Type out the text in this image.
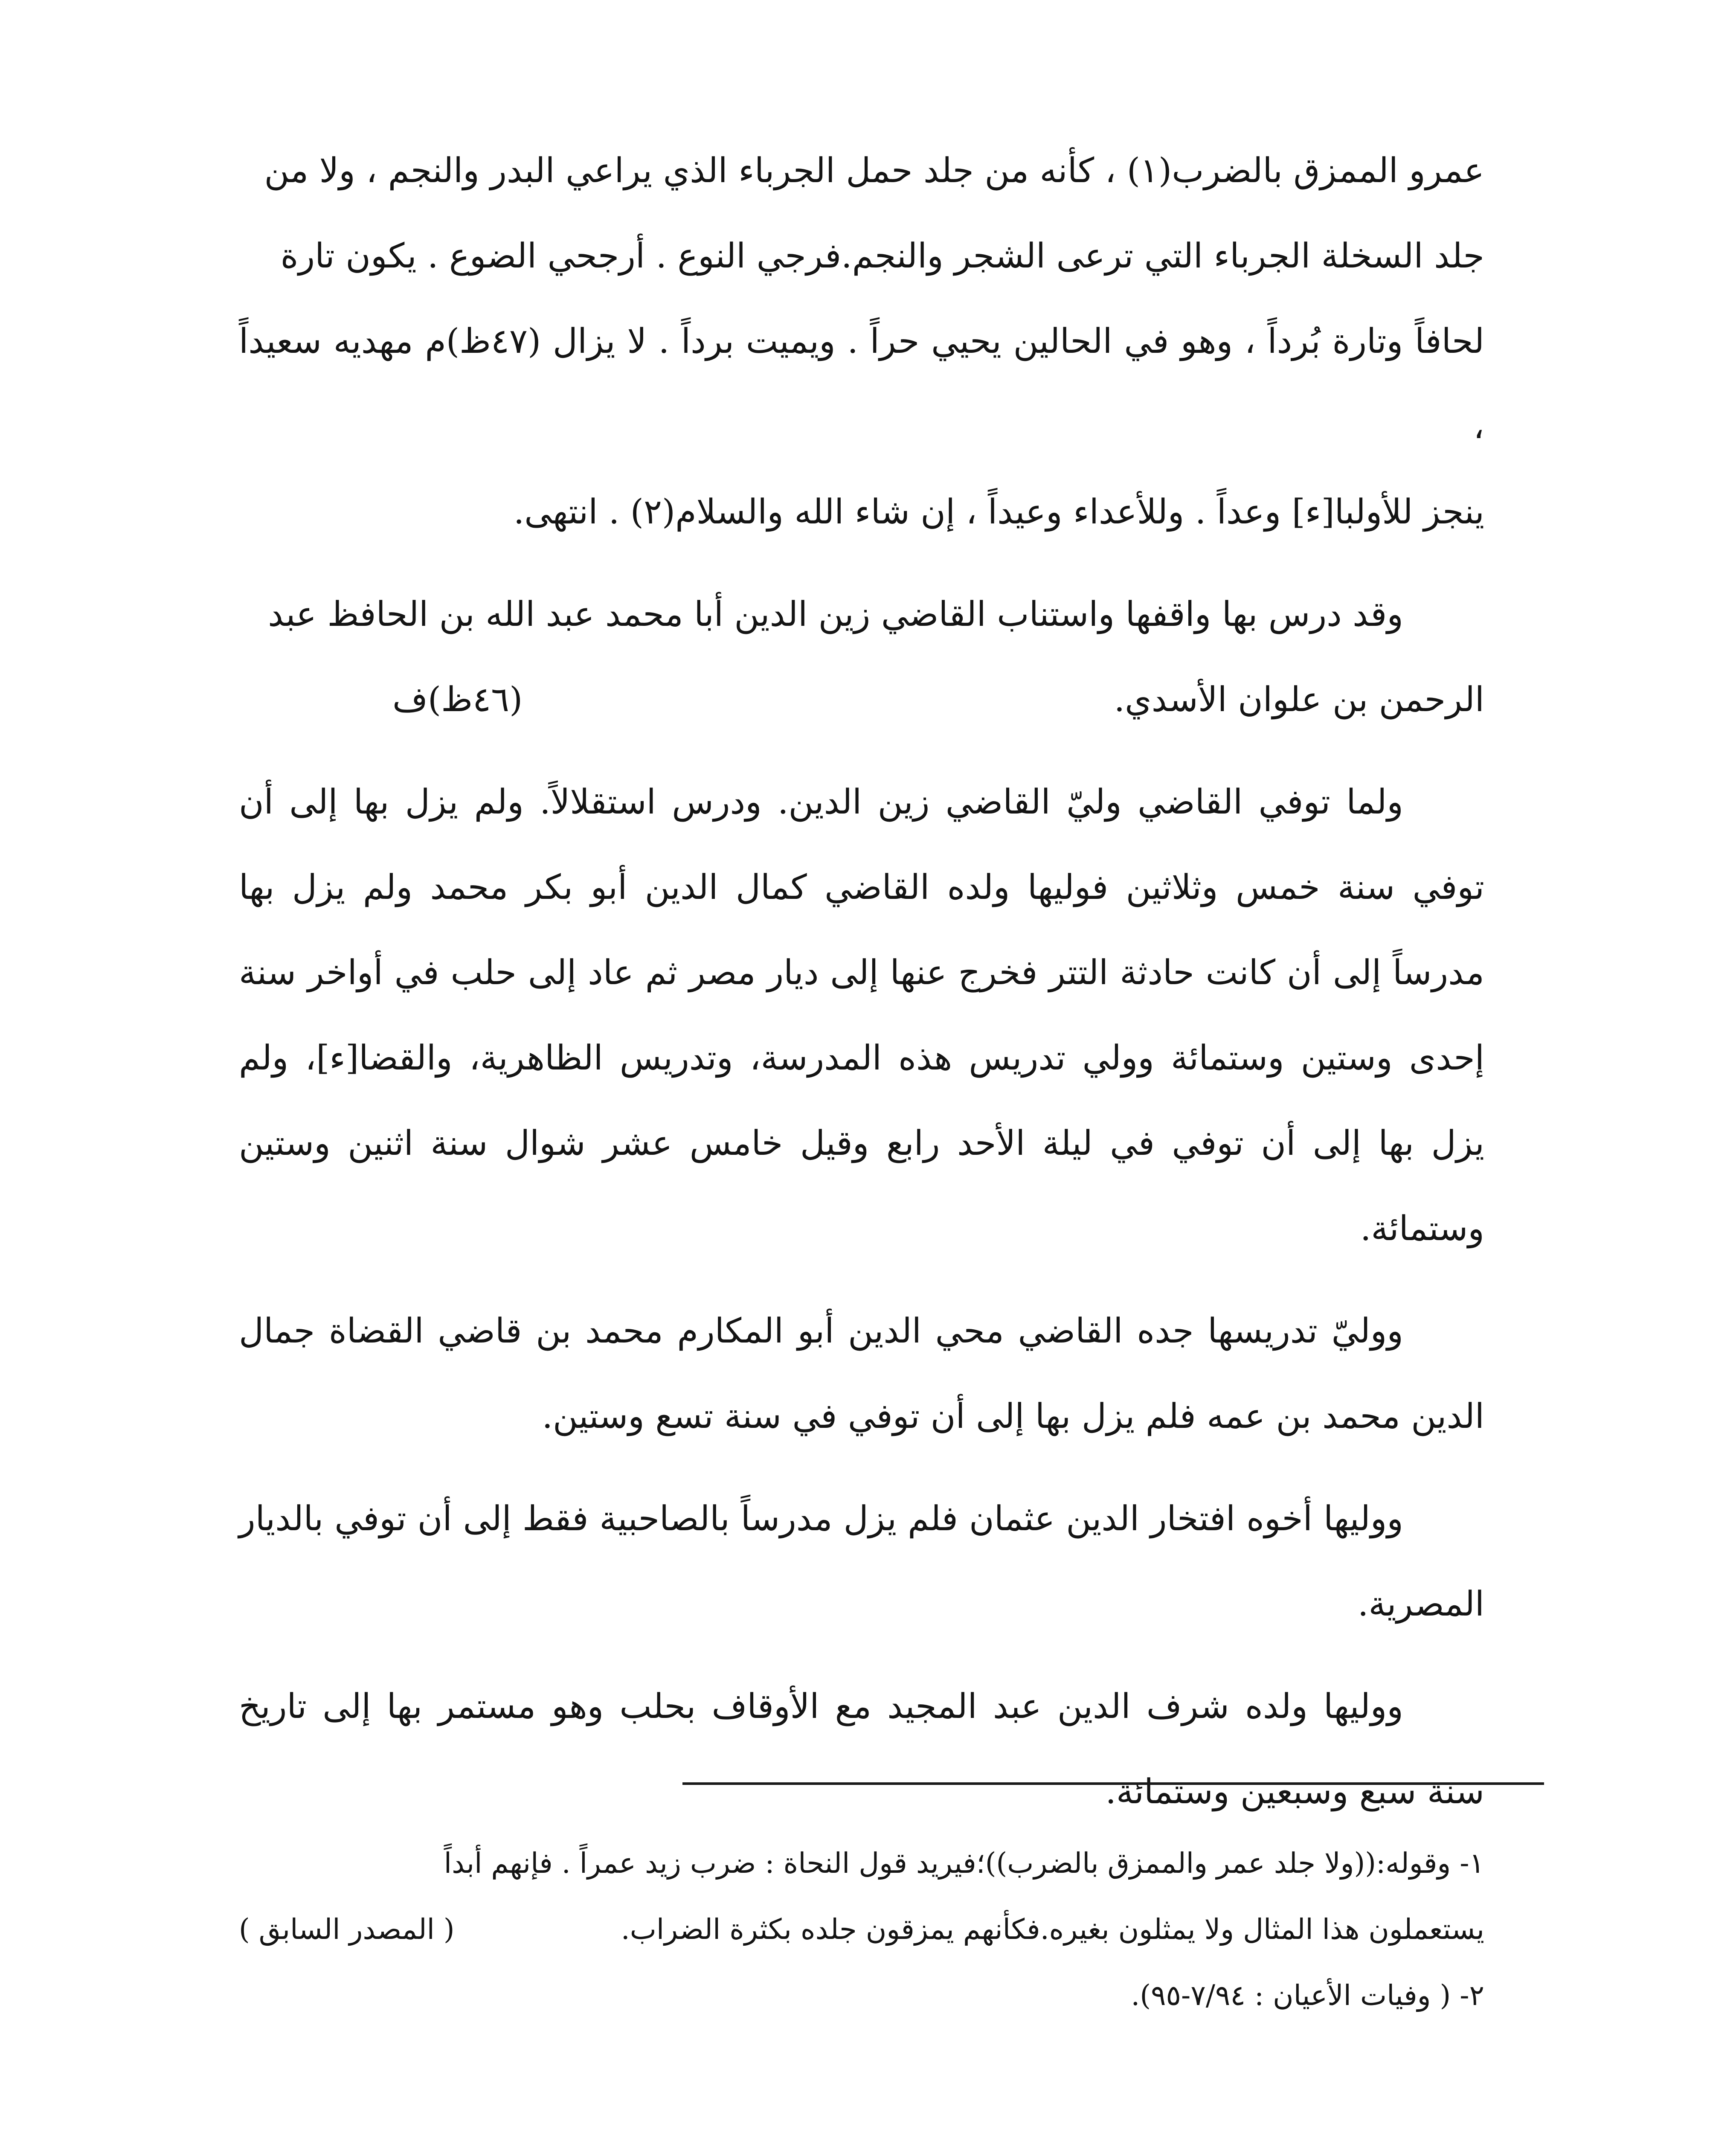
عمرو الممزق بالضرب(١) ، كأنه من جلد حمل الجرباء الذي يراعي البدر والنجم ، ولا من
جلد السخلة الجرباء التي ترعى الشجر والنجم.فرجي النوع . أرجحي الضوع . يكون تارة
لحافاً وتارة بُرداً ، وهو في الحالين يحيي حراً . ويميت برداً . لا يزال (٤٧ظ)م مهديه سعيداً ،
ينجز للأولبا[ء] وعداً . وللأعداء وعيداً ، إن شاء الله والسلام(٢) . انتهى.

وقد درس بها واقفها واستناب القاضي زين الدين أبا محمد عبد الله بن الحافظ عبد

الرحمن بن علوان الأسدي.
(٤٦ظ)ف

ولما توفي القاضي وليّ القاضي زين الدين. ودرس استقلالاً. ولم يزل بها إلى أن توفي سنة خمس وثلاثين فوليها ولده القاضي كمال الدين أبو بكر محمد ولم يزل بها مدرساً إلى أن كانت حادثة التتر فخرج عنها إلى ديار مصر ثم عاد إلى حلب في أواخر سنة إحدى وستين وستمائة وولي تدريس هذه المدرسة، وتدريس الظاهرية، والقضا[ء]، ولم يزل بها إلى أن توفي في ليلة الأحد رابع وقيل خامس عشر شوال سنة اثنين وستين وستمائة.

ووليّ تدريسها جده القاضي محي الدين أبو المكارم محمد بن قاضي القضاة جمال الدين محمد بن عمه فلم يزل بها إلى أن توفي في سنة تسع وستين.

ووليها أخوه افتخار الدين عثمان فلم يزل مدرساً بالصاحبية فقط إلى أن توفي بالديار المصرية.

ووليها ولده شرف الدين عبد المجيد مع الأوقاف بحلب وهو مستمر بها إلى تاريخ سنة سبع وسبعين وستمائة.

١- وقوله:((ولا جلد عمر والممزق بالضرب))؛فيريد قول النحاة : ضرب زيد عمراً . فإنهم أبداً

يستعملون هذا المثال ولا يمثلون بغيره.فكأنهم يمزقون جلده بكثرة الضراب.
( المصدر السابق )

٢- ( وفيات الأعيان : ٧/٩٤-٩٥).
